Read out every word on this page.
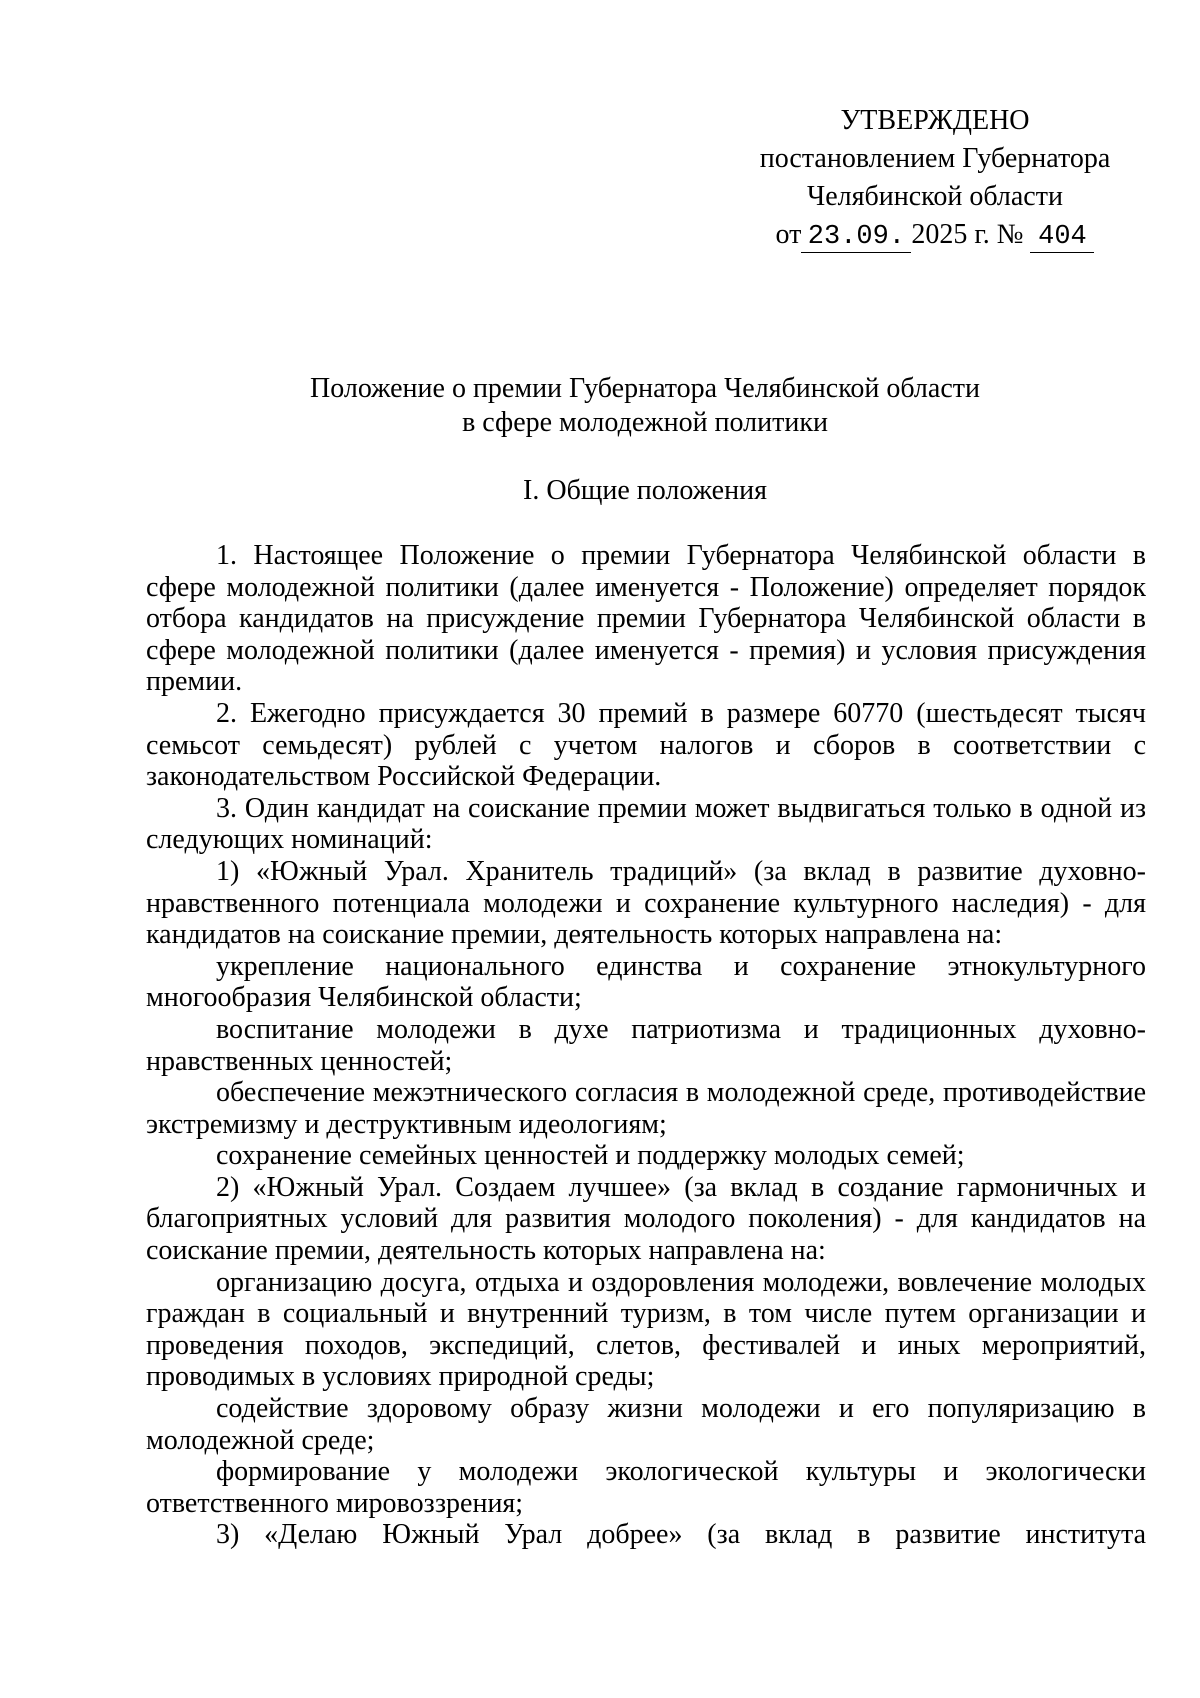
УТВЕРЖДЕНО
постановлением Губернатора
Челябинской области
от 23.09. 2025 г. № 404
Положение о премии Губернатора Челябинской области
в сфере молодежной политики
I. Общие положения

1. Настоящее Положение о премии Губернатора Челябинской области в сфере молодежной политики (далее именуется - Положение) определяет порядок отбора кандидатов на присуждение премии Губернатора Челябинской области в сфере молодежной политики (далее именуется - премия) и условия присуждения премии.

2. Ежегодно присуждается 30 премий в размере 60770 (шестьдесят тысяч семьсот семьдесят) рублей с учетом налогов и сборов в соответствии с законодательством Российской Федерации.

3. Один кандидат на соискание премии может выдвигаться только в одной из следующих номинаций:

1) «Южный Урал. Хранитель традиций» (за вклад в развитие духовно-нравственного потенциала молодежи и сохранение культурного наследия) - для кандидатов на соискание премии, деятельность которых направлена на:

укрепление национального единства и сохранение этнокультурного многообразия Челябинской области;

воспитание молодежи в духе патриотизма и традиционных духовно-нравственных ценностей;

обеспечение межэтнического согласия в молодежной среде, противодействие экстремизму и деструктивным идеологиям;

сохранение семейных ценностей и поддержку молодых семей;

2) «Южный Урал. Создаем лучшее» (за вклад в создание гармоничных и благоприятных условий для развития молодого поколения) - для кандидатов на соискание премии, деятельность которых направлена на:

организацию досуга, отдыха и оздоровления молодежи, вовлечение молодых граждан в социальный и внутренний туризм, в том числе путем организации и проведения походов, экспедиций, слетов, фестивалей и иных мероприятий, проводимых в условиях природной среды;

содействие здоровому образу жизни молодежи и его популяризацию в молодежной среде;

формирование у молодежи экологической культуры и экологически ответственного мировоззрения;

3) «Делаю Южный Урал добрее» (за вклад в развитие института
